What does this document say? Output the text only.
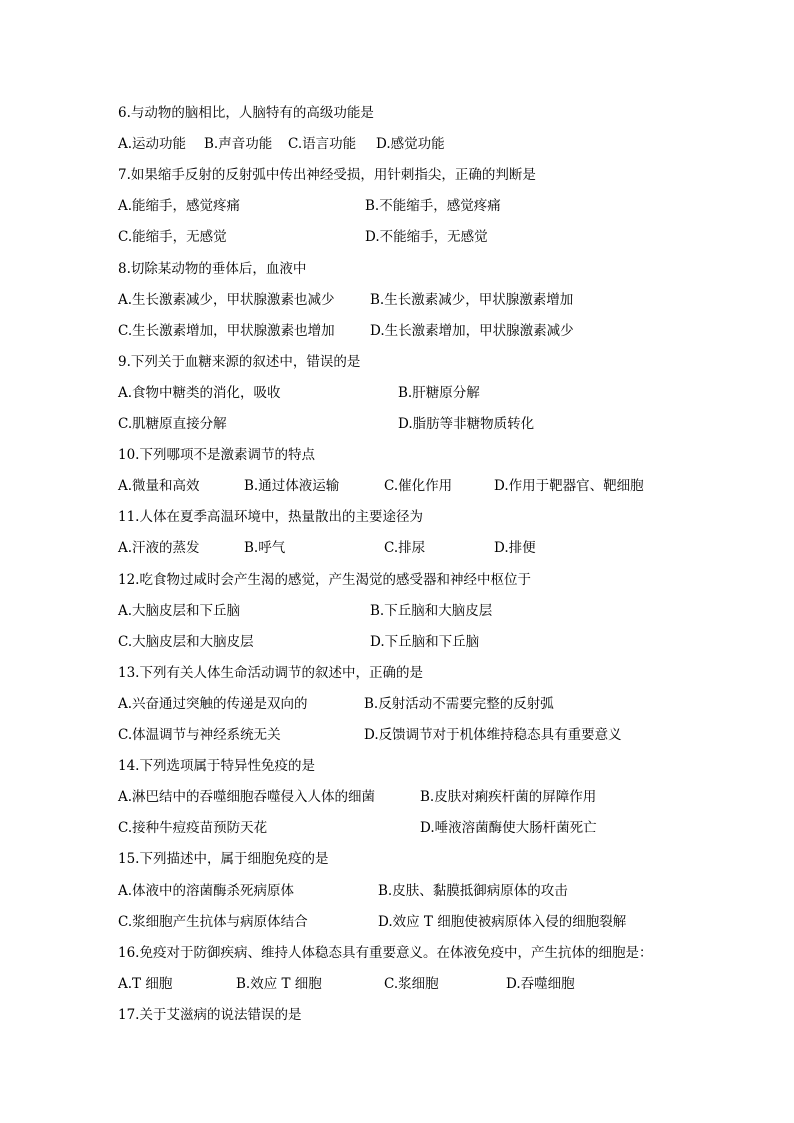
6.与动物的脑相比，人脑特有的高级功能是
A.运动功能 B.声音功能 C.语言功能 D.感觉功能
7.如果缩手反射的反射弧中传出神经受损，用针刺指尖，正确的判断是
A.能缩手，感觉疼痛	B.不能缩手，感觉疼痛
C.能缩手，无感觉	D.不能缩手，无感觉
8.切除某动物的垂体后，血液中
A.生长激素减少，甲状腺激素也减少	B.生长激素减少，甲状腺激素增加
C.生长激素增加，甲状腺激素也增加	D.生长激素增加，甲状腺激素减少
9.下列关于血糖来源的叙述中，错误的是
A.食物中糖类的消化，吸收	B.肝糖原分解
C.肌糖原直接分解	D.脂肪等非糖物质转化
10.下列哪项不是激素调节的特点
A.微量和高效	B.通过体液运输	C.催化作用	D.作用于靶器官、靶细胞
11.人体在夏季高温环境中，热量散出的主要途径为
A.汗液的蒸发	B.呼气	C.排尿	D.排便
12.吃食物过咸时会产生渴的感觉，产生渴觉的感受器和神经中枢位于
A.大脑皮层和下丘脑	B.下丘脑和大脑皮层
C.大脑皮层和大脑皮层	D.下丘脑和下丘脑
13.下列有关人体生命活动调节的叙述中，正确的是
A.兴奋通过突触的传递是双向的	B.反射活动不需要完整的反射弧
C.体温调节与神经系统无关	D.反馈调节对于机体维持稳态具有重要意义
14.下列选项属于特异性免疫的是
A.淋巴结中的吞噬细胞吞噬侵入人体的细菌	B.皮肤对痢疾杆菌的屏障作用
C.接种牛痘疫苗预防天花	D.唾液溶菌酶使大肠杆菌死亡
15.下列描述中，属于细胞免疫的是
A.体液中的溶菌酶杀死病原体	B.皮肤、黏膜抵御病原体的攻击
C.浆细胞产生抗体与病原体结合	D.效应 T 细胞使被病原体入侵的细胞裂解
16.免疫对于防御疾病、维持人体稳态具有重要意义。在体液免疫中，产生抗体的细胞是：
A.T 细胞	B.效应 T 细胞	C.浆细胞	D.吞噬细胞
17.关于艾滋病的说法错误的是
